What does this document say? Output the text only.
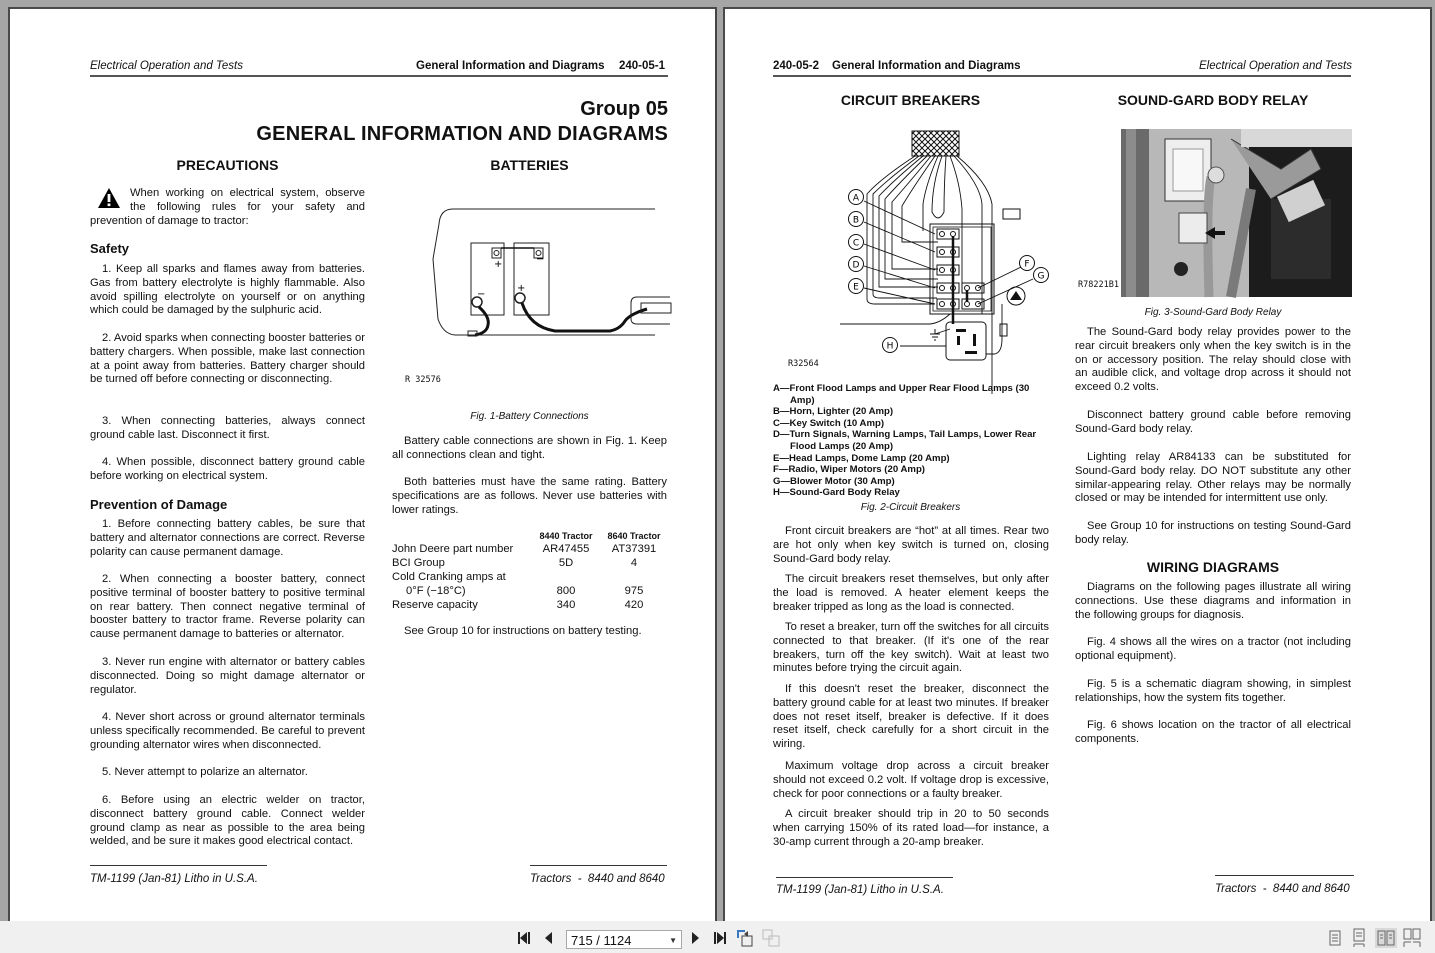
Electrical Operation and Tests	General Information and Diagrams 240-05-1
Group 05
GENERAL INFORMATION AND DIAGRAMS
PRECAUTIONS
When working on electrical system, observe the following rules for your safety and prevention of damage to tractor:
Safety
1. Keep all sparks and flames away from batteries. Gas from battery electrolyte is highly flammable. Also avoid spilling electrolyte on yourself or on anything which could be damaged by the sulphuric acid.
2. Avoid sparks when connecting booster batteries or battery chargers. When possible, make last connection at a point away from batteries. Battery charger should be turned off before connecting or disconnecting.
3. When connecting batteries, always connect ground cable last. Disconnect it first.
4. When possible, disconnect battery ground cable before working on electrical system.
Prevention of Damage
1. Before connecting battery cables, be sure that battery and alternator connections are correct. Reverse polarity can cause permanent damage.
2. When connecting a booster battery, connect positive terminal of booster battery to positive terminal on rear battery. Then connect negative terminal of booster battery to tractor frame. Reverse polarity can cause permanent damage to batteries or alternator.
3. Never run engine with alternator or battery cables disconnected. Doing so might damage alternator or regulator.
4. Never short across or ground alternator terminals unless specifically recommended. Be careful to prevent grounding alternator wires when disconnected.
5. Never attempt to polarize an alternator.
6. Before using an electric welder on tractor, disconnect battery ground cable. Connect welder ground clamp as near as possible to the area being welded, and be sure it makes good electrical contact.
BATTERIES
+	−
−
+
R 32576
Fig. 1-Battery Connections
Battery cable connections are shown in Fig. 1. Keep all connections clean and tight.
Both batteries must have the same rating. Battery specifications are as follows. Never use batteries with lower ratings.
	8440 Tractor	8640 Tractor
John Deere part number	AR47455	AT37391
BCI Group	5D	4
Cold Cranking amps at		
0°F (−18°C)	800	975
Reserve capacity	340	420
See Group 10 for instructions on battery testing.
TM-1199 (Jan-81) Litho in U.S.A.	Tractors  -  8440 and 8640
240-05-2 General Information and Diagrams	Electrical Operation and Tests
CIRCUIT BREAKERS
A
B
C
D
E
F
G
H
R32564
A—Front Flood Lamps and Upper Rear Flood Lamps (30 Amp)
B—Horn, Lighter (20 Amp)
C—Key Switch (10 Amp)
D—Turn Signals, Warning Lamps, Tail Lamps, Lower Rear Flood Lamps (20 Amp)
E—Head Lamps, Dome Lamp (20 Amp)
F—Radio, Wiper Motors (20 Amp)
G—Blower Motor (30 Amp)
H—Sound-Gard Body Relay
Fig. 2-Circuit Breakers
Front circuit breakers are “hot” at all times. Rear two are hot only when key switch is turned on, closing Sound-Gard body relay.
The circuit breakers reset themselves, but only after the load is removed. A heater element keeps the breaker tripped as long as the load is connected.
To reset a breaker, turn off the switches for all circuits connected to that breaker. (If it's one of the rear breakers, turn off the key switch). Wait at least two minutes before trying the circuit again.
If this doesn't reset the breaker, disconnect the battery ground cable for at least two minutes. If breaker does not reset itself, breaker is defective. If it does reset itself, check carefully for a short circuit in the wiring.
Maximum voltage drop across a circuit breaker should not exceed 0.2 volt. If voltage drop is excessive, check for poor connections or a faulty breaker.
A circuit breaker should trip in 20 to 50 seconds when carrying 150% of its rated load—for instance, a 30-amp current through a 20-amp breaker.
SOUND-GARD BODY RELAY
R78221B1
Fig. 3-Sound-Gard Body Relay
The Sound-Gard body relay provides power to the rear circuit breakers only when the key switch is in the on or accessory position. The relay should close with an audible click, and voltage drop across it should not exceed 0.2 volts.
Disconnect battery ground cable before removing Sound-Gard body relay.
Lighting relay AR84133 can be substituted for Sound-Gard body relay. DO NOT substitute any other similar-appearing relay. Other relays may be normally closed or may be intended for intermittent use only.
See Group 10 for instructions on testing Sound-Gard body relay.
WIRING DIAGRAMS
Diagrams on the following pages illustrate all wiring connections. Use these diagrams and information in the following groups for diagnosis.
Fig. 4 shows all the wires on a tractor (not including optional equipment).
Fig. 5 is a schematic diagram showing, in simplest relationships, how the system fits together.
Fig. 6 shows location on the tractor of all electrical components.
TM-1199 (Jan-81) Litho in U.S.A.	Tractors  -  8440 and 8640
715 / 1124	▼
